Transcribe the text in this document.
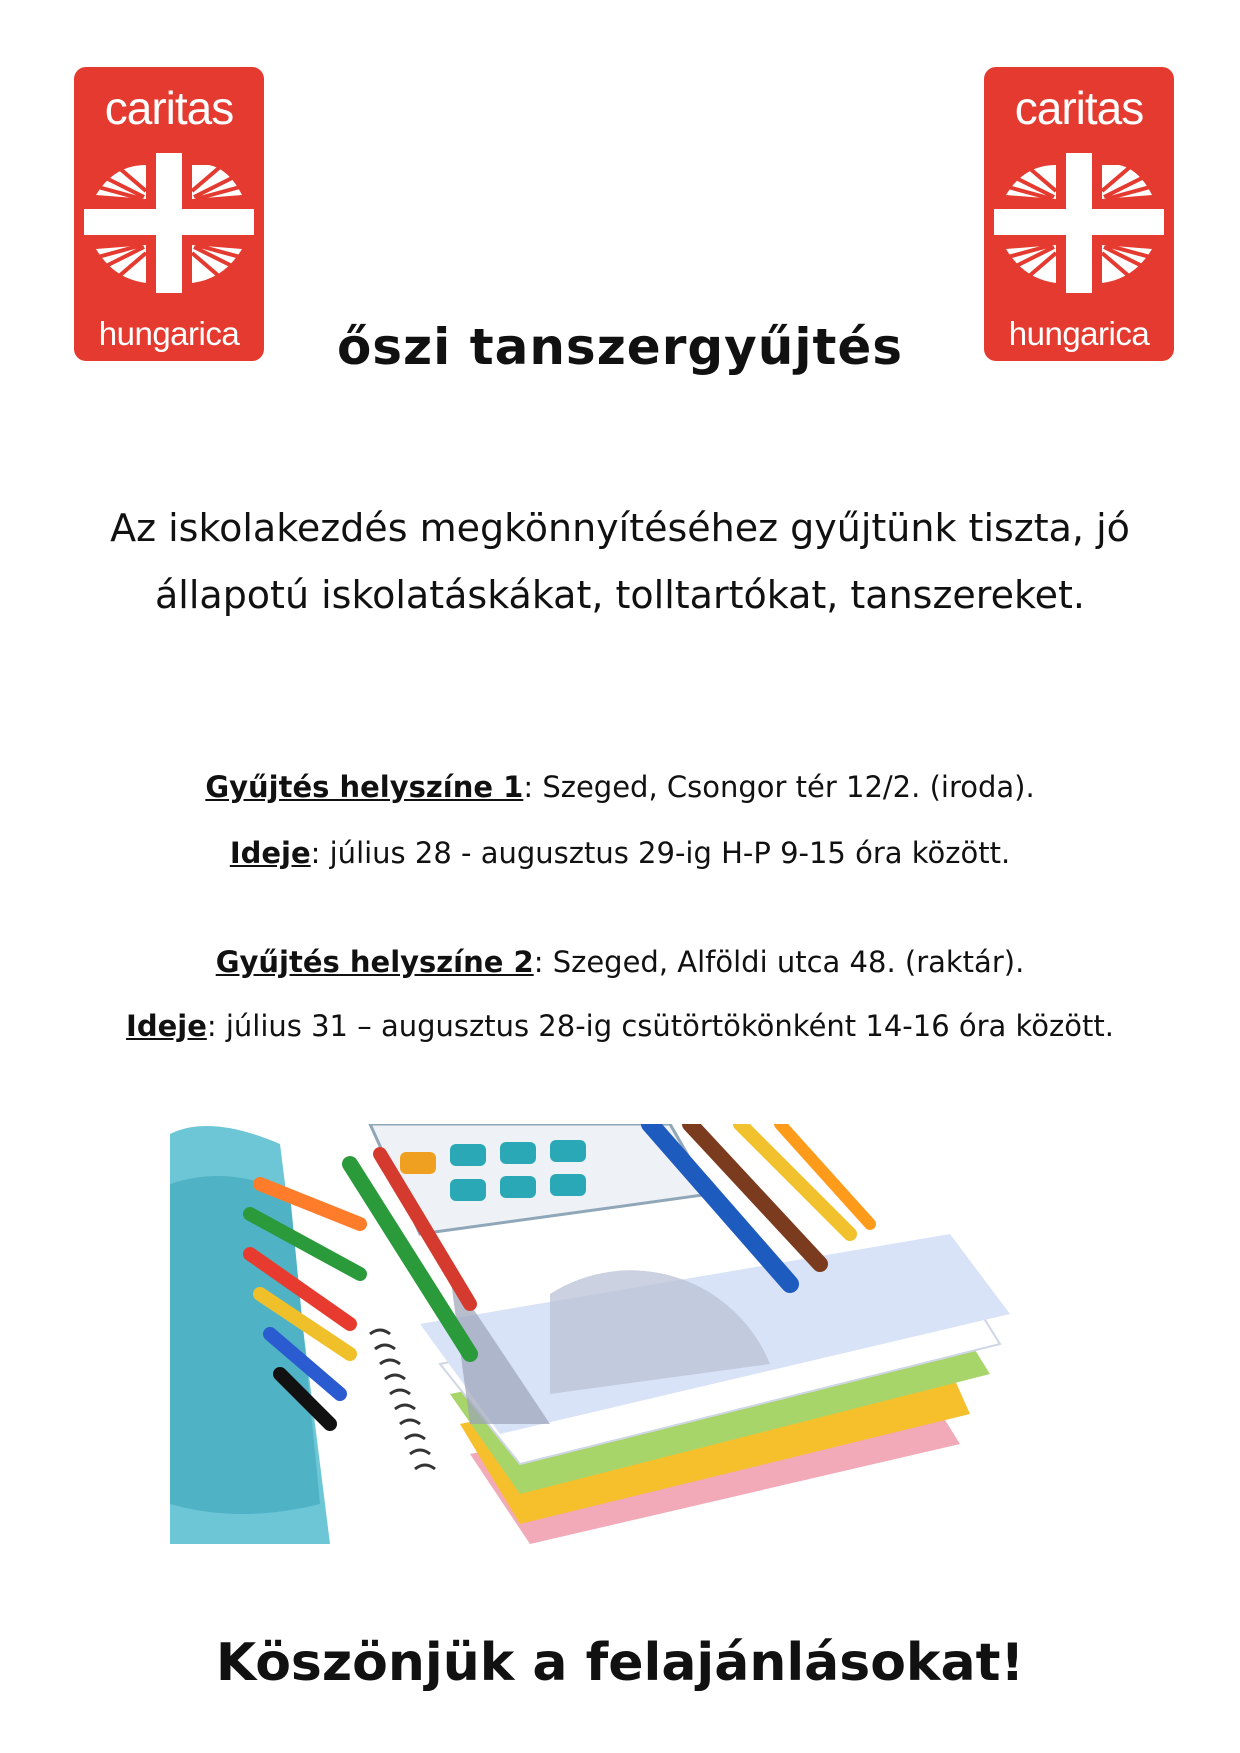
caritas
hungarica
caritas
hungarica
őszi tanszergyűjtés
Az iskolakezdés megkönnyítéséhez gyűjtünk tiszta, jó állapotú iskolatáskákat, tolltartókat, tanszereket.
Gyűjtés helyszíne 1: Szeged, Csongor tér 12/2. (iroda).
Ideje: július 28 - augusztus 29-ig H-P 9-15 óra között.
Gyűjtés helyszíne 2: Szeged, Alföldi utca 48. (raktár).
Ideje: július 31 – augusztus 28-ig csütörtökönként 14-16 óra között.
Köszönjük a felajánlásokat!
